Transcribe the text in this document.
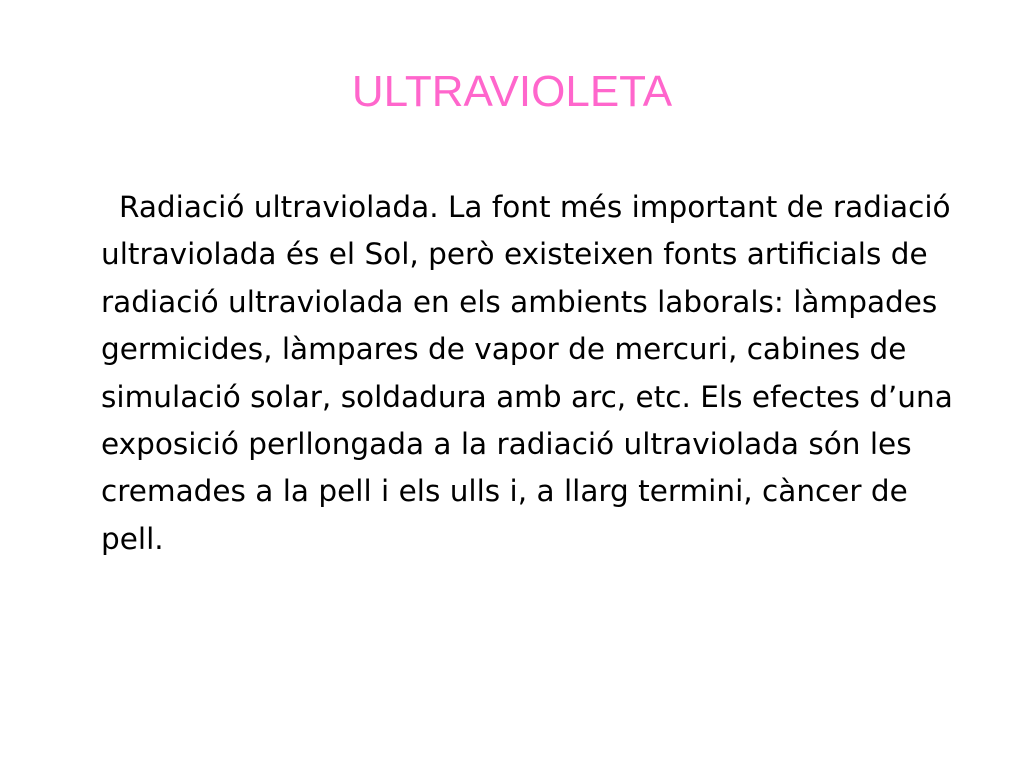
ULTRAVIOLETA

Radiació ultraviolada. La font més important de radiació ultraviolada és el Sol, però existeixen fonts artificials de radiació ultraviolada en els ambients laborals: làmpades germicides, làmpares de vapor de mercuri, cabines de simulació solar, soldadura amb arc, etc. Els efectes d’una exposició perllongada a la radiació ultraviolada són les cremades a la pell i els ulls i, a llarg termini, càncer de pell.
